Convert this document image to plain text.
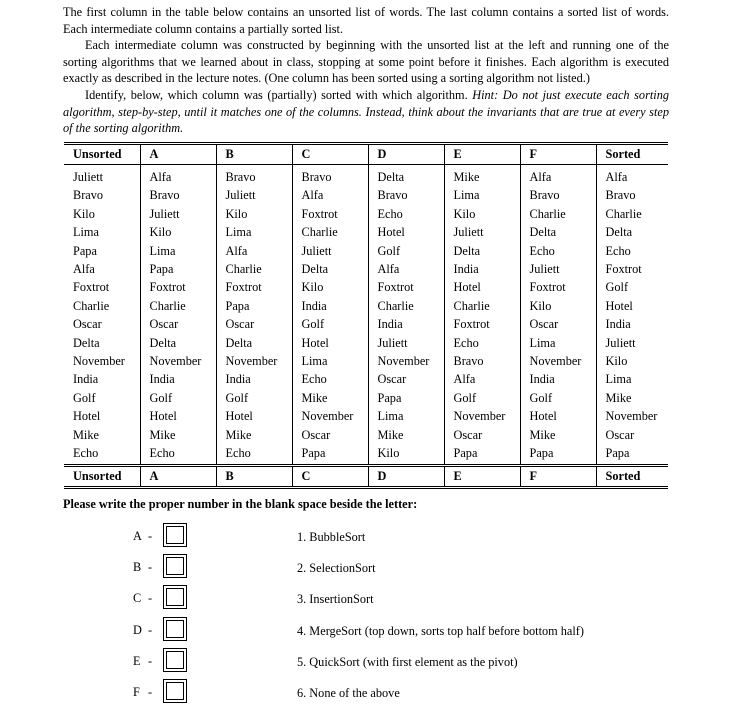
The first column in the table below contains an unsorted list of words. The last column contains a sorted list of words. Each intermediate column contains a partially sorted list.

Each intermediate column was constructed by beginning with the unsorted list at the left and running one of the sorting algorithms that we learned about in class, stopping at some point before it finishes. Each algorithm is executed exactly as described in the lecture notes. (One column has been sorted using a sorting algorithm not listed.)

Identify, below, which column was (partially) sorted with which algorithm. Hint: Do not just execute each sorting algorithm, step-by-step, until it matches one of the columns. Instead, think about the invariants that are true at every step of the sorting algorithm.

Unsorted	A	B	C	D	E	F	Sorted
Juliett	Alfa	Bravo	Bravo	Delta	Mike	Alfa	Alfa
Bravo	Bravo	Juliett	Alfa	Bravo	Lima	Bravo	Bravo
Kilo	Juliett	Kilo	Foxtrot	Echo	Kilo	Charlie	Charlie
Lima	Kilo	Lima	Charlie	Hotel	Juliett	Delta	Delta
Papa	Lima	Alfa	Juliett	Golf	Delta	Echo	Echo
Alfa	Papa	Charlie	Delta	Alfa	India	Juliett	Foxtrot
Foxtrot	Foxtrot	Foxtrot	Kilo	Foxtrot	Hotel	Foxtrot	Golf
Charlie	Charlie	Papa	India	Charlie	Charlie	Kilo	Hotel
Oscar	Oscar	Oscar	Golf	India	Foxtrot	Oscar	India
Delta	Delta	Delta	Hotel	Juliett	Echo	Lima	Juliett
November	November	November	Lima	November	Bravo	November	Kilo
India	India	India	Echo	Oscar	Alfa	India	Lima
Golf	Golf	Golf	Mike	Papa	Golf	Golf	Mike
Hotel	Hotel	Hotel	November	Lima	November	Hotel	November
Mike	Mike	Mike	Oscar	Mike	Oscar	Mike	Oscar
Echo	Echo	Echo	Papa	Kilo	Papa	Papa	Papa
Unsorted	A	B	C	D	E	F	Sorted
Please write the proper number in the blank space beside the letter:
A -
B -
C -
D -
E -
F -
1. BubbleSort
2. SelectionSort
3. InsertionSort
4. MergeSort (top down, sorts top half before bottom half)
5. QuickSort (with first element as the pivot)
6. None of the above
